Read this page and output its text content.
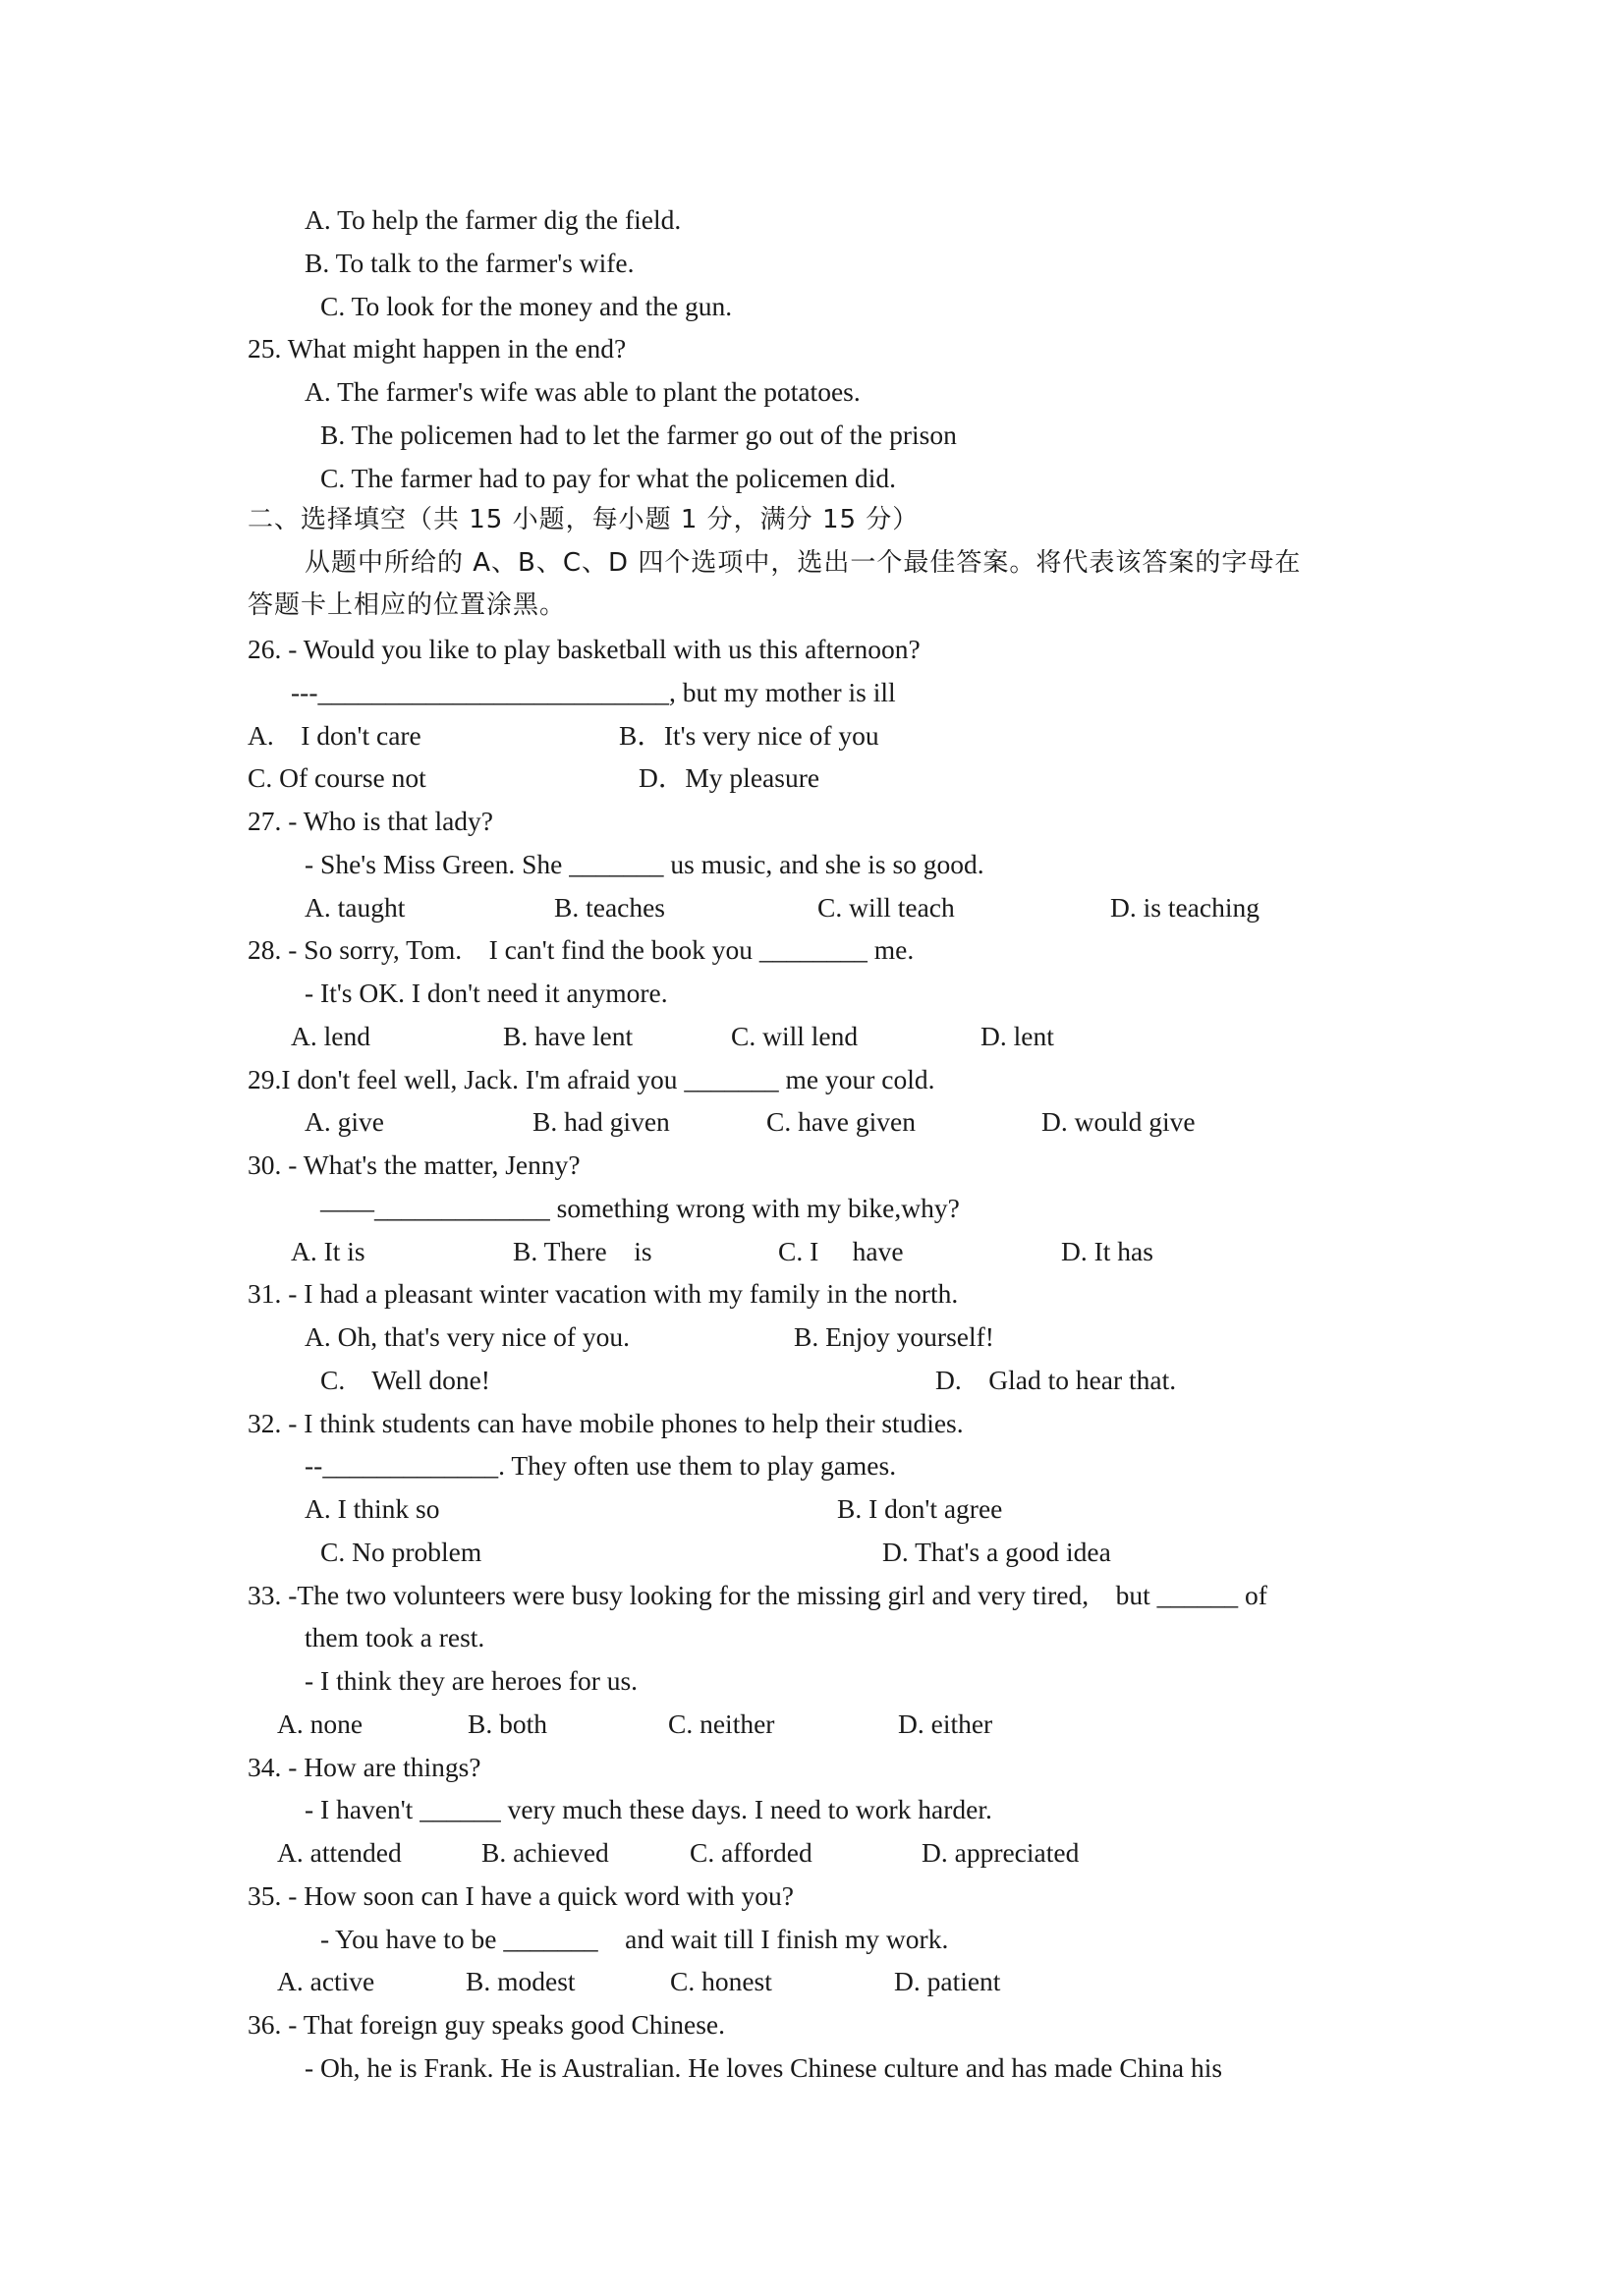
A. To help the farmer dig the field.
B. To talk to the farmer's wife.
C. To look for the money and the gun.
25. What might happen in the end?
A. The farmer's wife was able to plant the potatoes.
B. The policemen had to let the farmer go out of the prison
C. The farmer had to pay for what the policemen did.
二、选择填空（共 15 小题，每小题 1 分，满分 15 分）
从题中所给的 A、B、C、D 四个选项中，选出一个最佳答案。将代表该答案的字母在
答题卡上相应的位置涂黑。
26. - Would you like to play basketball with us this afternoon?
---__________________________, but my mother is ill
A.    I don't care	B．It's very nice of you
C. Of course not	D．My pleasure
27. - Who is that lady?
- She's Miss Green. She _______ us music, and she is so good.
A. taught	B. teaches	C. will teach	D. is teaching
28. - So sorry, Tom.    I can't find the book you ________ me.
- It's OK. I don't need it anymore.
A. lend	B. have lent	C. will lend	D. lent
29.I don't feel well, Jack. I'm afraid you _______ me your cold.
A. give	B. had given	C. have given	D. would give
30. - What's the matter, Jenny?
——_____________ something wrong with my bike,why?
A. It is	B. There    is	C. I     have	D. It has
31. - I had a pleasant winter vacation with my family in the north.
A. Oh, that's very nice of you.	B. Enjoy yourself!
C.    Well done!	D.    Glad to hear that.
32. - I think students can have mobile phones to help their studies.
--_____________. They often use them to play games.
A. I think so	B. I don't agree
C. No problem	D. That's a good idea
33. -The two volunteers were busy looking for the missing girl and very tired,    but ______ of
them took a rest.
- I think they are heroes for us.
A. none	B. both	C. neither	D. either
34. - How are things?
- I haven't ______ very much these days. I need to work harder.
A. attended	B. achieved	C. afforded	D. appreciated
35. - How soon can I have a quick word with you?
- You have to be _______    and wait till I finish my work.
A. active	B. modest	C. honest	D. patient
36. - That foreign guy speaks good Chinese.
- Oh, he is Frank. He is Australian. He loves Chinese culture and has made China his
